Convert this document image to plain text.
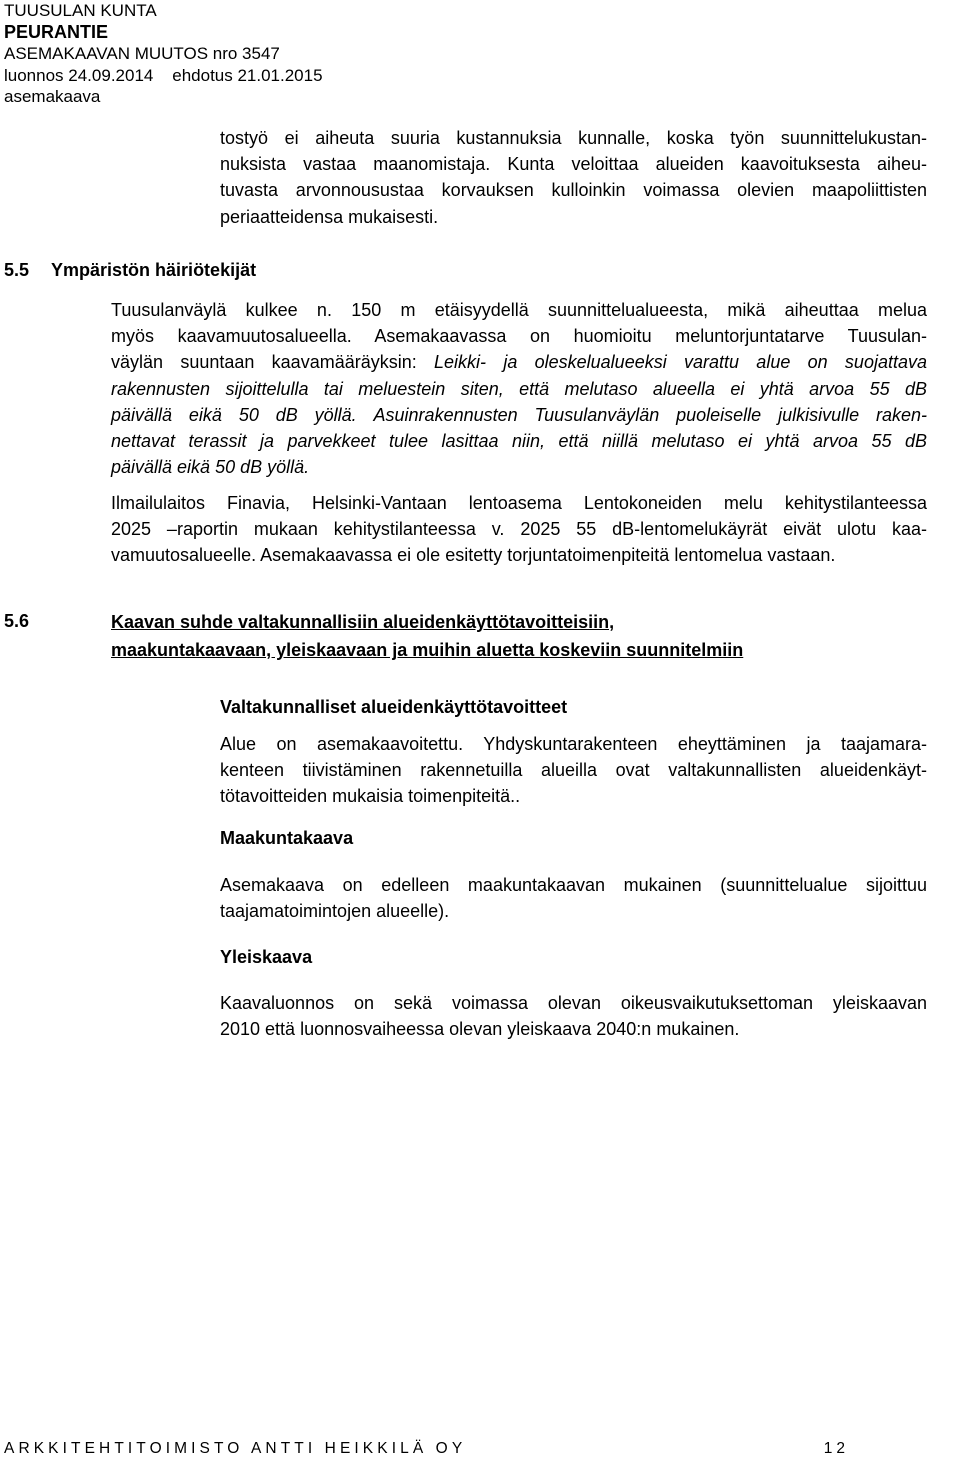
TUUSULAN KUNTA
PEURANTIE
ASEMAKAAVAN MUUTOS nro 3547
luonnos 24.09.2014    ehdotus 21.01.2015
asemakaava
tostyö ei aiheuta suuria kustannuksia kunnalle, koska työn suunnittelukustan-
nuksista vastaa maanomistaja. Kunta veloittaa alueiden kaavoituksesta aiheu-
tuvasta arvonnousustaa korvauksen kulloinkin voimassa olevien maapoliittisten
periaatteidensa mukaisesti.
5.5 Ympäristön häiriötekijät
Tuusulanväylä kulkee n. 150 m etäisyydellä suunnittelualueesta, mikä aiheuttaa melua
myös kaavamuutosalueella. Asemakaavassa on huomioitu meluntorjuntatarve Tuusulan-
väylän suuntaan kaavamääräyksin: Leikki- ja oleskelualueeksi varattu alue on suojattava
rakennusten sijoittelulla tai meluestein siten, että melutaso alueella ei yhtä arvoa 55 dB
päivällä eikä 50 dB yöllä. Asuinrakennusten Tuusulanväylän puoleiselle julkisivulle raken-
nettavat terassit ja parvekkeet tulee lasittaa niin, että niillä melutaso ei yhtä arvoa 55 dB
päivällä eikä 50 dB yöllä.
Ilmailulaitos Finavia, Helsinki-Vantaan lentoasema Lentokoneiden melu kehitystilanteessa
2025 –raportin mukaan kehitystilanteessa v. 2025 55 dB-lentomelukäyrät eivät ulotu kaa-
vamuutosalueelle. Asemakaavassa ei ole esitetty torjuntatoimenpiteitä lentomelua vastaan.
5.6	Kaavan suhde valtakunnallisiin alueidenkäyttötavoitteisiin,
maakuntakaavaan, yleiskaavaan ja muihin aluetta koskeviin suunnitelmiin
Valtakunnalliset alueidenkäyttötavoitteet
Alue on asemakaavoitettu. Yhdyskuntarakenteen eheyttäminen ja taajamara-
kenteen tiivistäminen rakennetuilla alueilla ovat valtakunnallisten alueidenkäyt-
tötavoitteiden mukaisia toimenpiteitä..
Maakuntakaava
Asemakaava on edelleen maakuntakaavan mukainen (suunnittelualue sijoittuu
taajamatoimintojen alueelle).
Yleiskaava
Kaavaluonnos on sekä voimassa olevan oikeusvaikutuksettoman yleiskaavan
2010 että luonnosvaiheessa olevan yleiskaava 2040:n mukainen.
ARKKITEHTITOIMISTO ANTTI HEIKKILÄ OY	12
